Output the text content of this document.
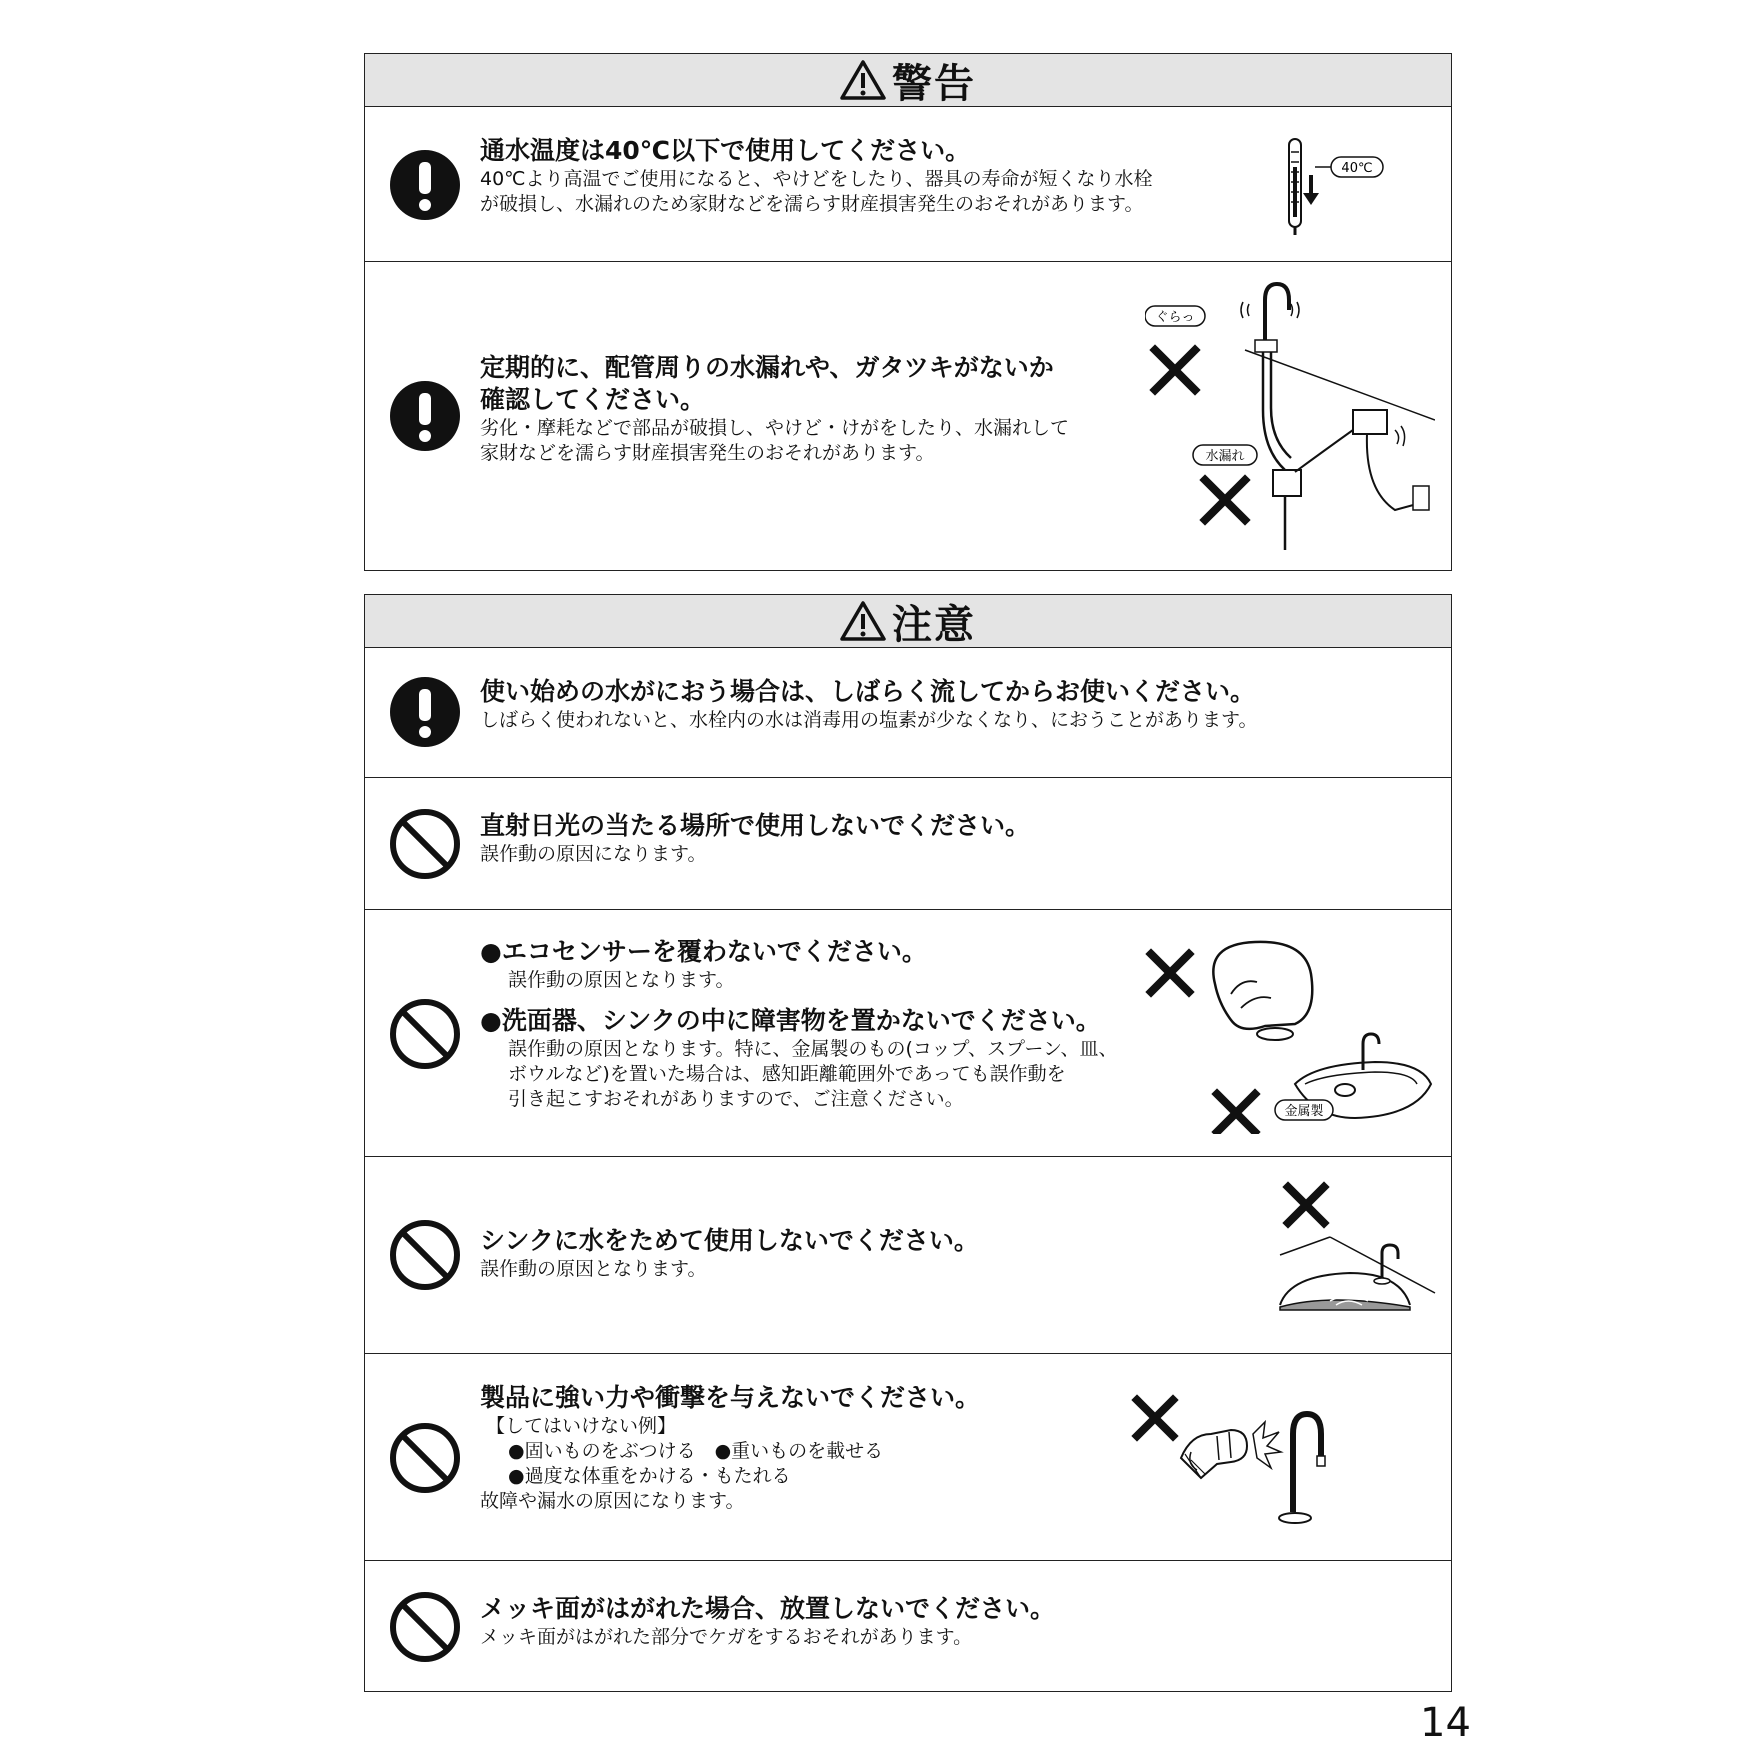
警告
通水温度は40℃以下で使用してください。
40℃より高温でご使用になると、やけどをしたり、器具の寿命が短くなり水栓
が破損し、水漏れのため家財などを濡らす財産損害発生のおそれがあります。
40℃
定期的に、配管周りの水漏れや、ガタツキがないか
確認してください。
劣化・摩耗などで部品が破損し、やけど・けがをしたり、水漏れして
家財などを濡らす財産損害発生のおそれがあります。
ぐらっ
水漏れ
注意
使い始めの水がにおう場合は、しばらく流してからお使いください。
しばらく使われないと、水栓内の水は消毒用の塩素が少なくなり、におうことがあります。
直射日光の当たる場所で使用しないでください。
誤作動の原因になります。
●エコセンサーを覆わないでください。
誤作動の原因となります。
●洗面器、シンクの中に障害物を置かないでください。
誤作動の原因となります。特に、金属製のもの(コップ、スプーン、皿、
ボウルなど)を置いた場合は、感知距離範囲外であっても誤作動を
引き起こすおそれがありますので、ご注意ください。
金属製
シンクに水をためて使用しないでください。
誤作動の原因となります。
製品に強い力や衝撃を与えないでください。
【してはいけない例】
●固いものをぶつける　●重いものを載せる
●過度な体重をかける・もたれる
故障や漏水の原因になります。
メッキ面がはがれた場合、放置しないでください。
メッキ面がはがれた部分でケガをするおそれがあります。
14
